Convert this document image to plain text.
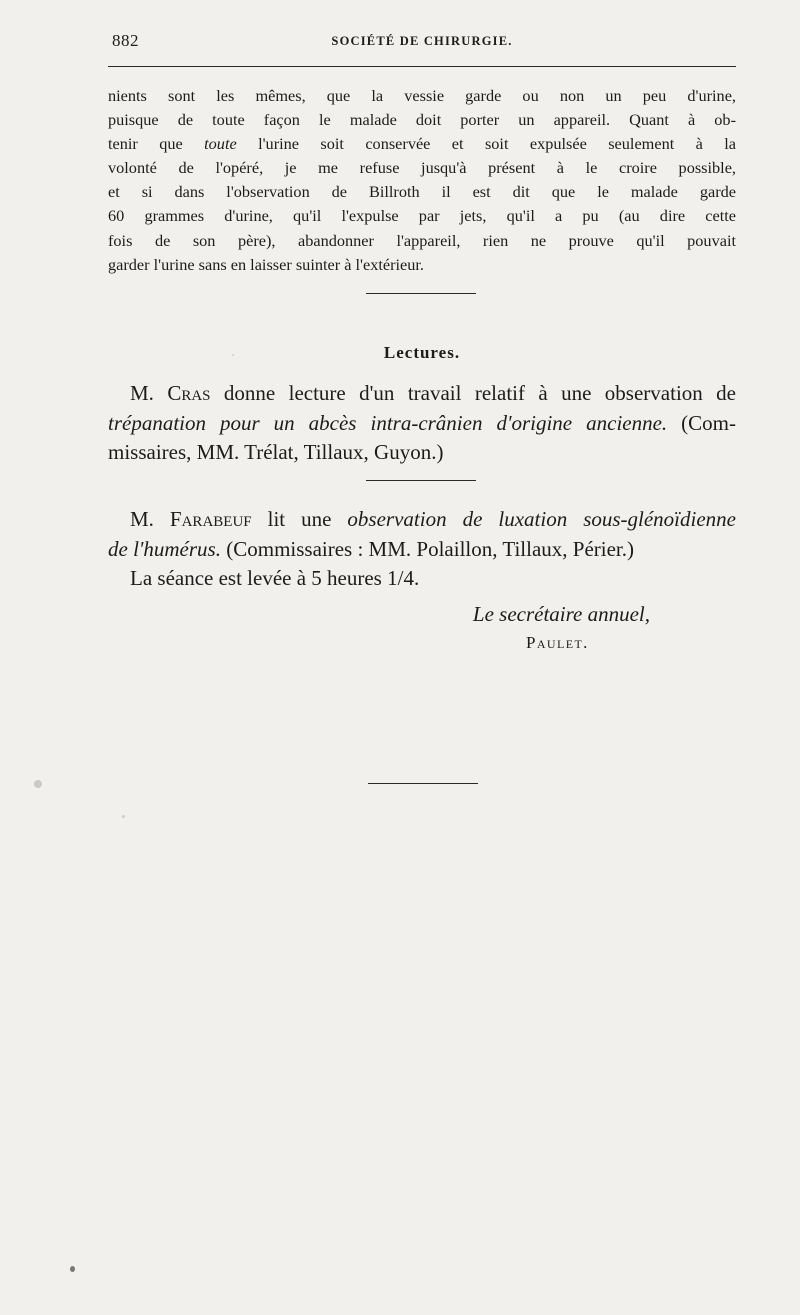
882	SOCIÉTÉ DE CHIRURGIE.
nients sont les mêmes, que la vessie garde ou non un peu d'urine,
puisque de toute façon le malade doit porter un appareil. Quant à ob-
tenir que toute l'urine soit conservée et soit expulsée seulement à la
volonté de l'opéré, je me refuse jusqu'à présent à le croire possible,
et si dans l'observation de Billroth il est dit que le malade garde
60 grammes d'urine, qu'il l'expulse par jets, qu'il a pu (au dire cette
fois de son père), abandonner l'appareil, rien ne prouve qu'il pouvait
garder l'urine sans en laisser suinter à l'extérieur.
Lectures.
M. Cras donne lecture d'un travail relatif à une observation de
trépanation pour un abcès intra-crânien d'origine ancienne. (Com-
missaires, MM. Trélat, Tillaux, Guyon.)
M. Farabeuf lit une observation de luxation sous-glénoïdienne
de l'humérus. (Commissaires : MM. Polaillon, Tillaux, Périer.)
La séance est levée à 5 heures 1/4.
Le secrétaire annuel,
Paulet.
